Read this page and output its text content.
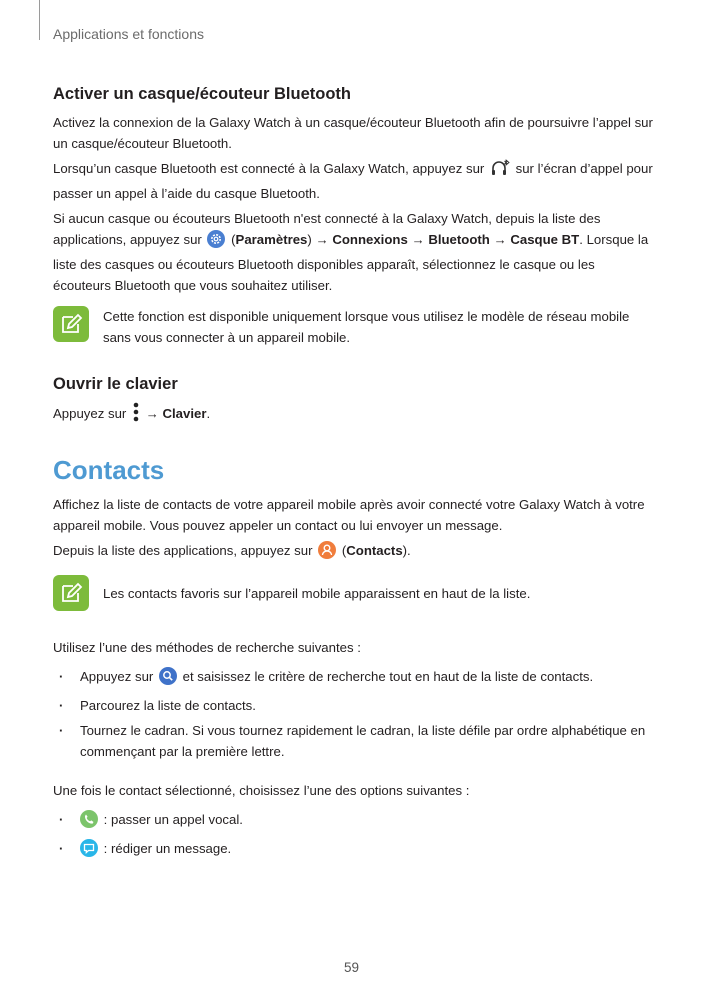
Applications et fonctions
Activer un casque/écouteur Bluetooth

Activez la connexion de la Galaxy Watch à un casque/écouteur Bluetooth afin de poursuivre l’appel sur un casque/écouteur Bluetooth.

Lorsqu’un casque Bluetooth est connecté à la Galaxy Watch, appuyez sur  sur l’écran d’appel pour passer un appel à l’aide du casque Bluetooth.

Si aucun casque ou écouteurs Bluetooth n'est connecté à la Galaxy Watch, depuis la liste des applications, appuyez sur  (Paramètres) → Connexions → Bluetooth → Casque BT. Lorsque la liste des casques ou écouteurs Bluetooth disponibles apparaît, sélectionnez le casque ou les écouteurs Bluetooth que vous souhaitez utiliser.

Cette fonction est disponible uniquement lorsque vous utilisez le modèle de réseau mobile sans vous connecter à un appareil mobile.

Ouvrir le clavier

Appuyez sur  → Clavier.

Contacts

Affichez la liste de contacts de votre appareil mobile après avoir connecté votre Galaxy Watch à votre appareil mobile. Vous pouvez appeler un contact ou lui envoyer un message.

Depuis la liste des applications, appuyez sur  (Contacts).

Les contacts favoris sur l’appareil mobile apparaissent en haut de la liste.

Utilisez l’une des méthodes de recherche suivantes :

· Appuyez sur  et saisissez le critère de recherche tout en haut de la liste de contacts.
· Parcourez la liste de contacts.
· Tournez le cadran. Si vous tournez rapidement le cadran, la liste défile par ordre alphabétique en commençant par la première lettre.

Une fois le contact sélectionné, choisissez l’une des options suivantes :

· : passer un appel vocal.
· : rédiger un message.
59
